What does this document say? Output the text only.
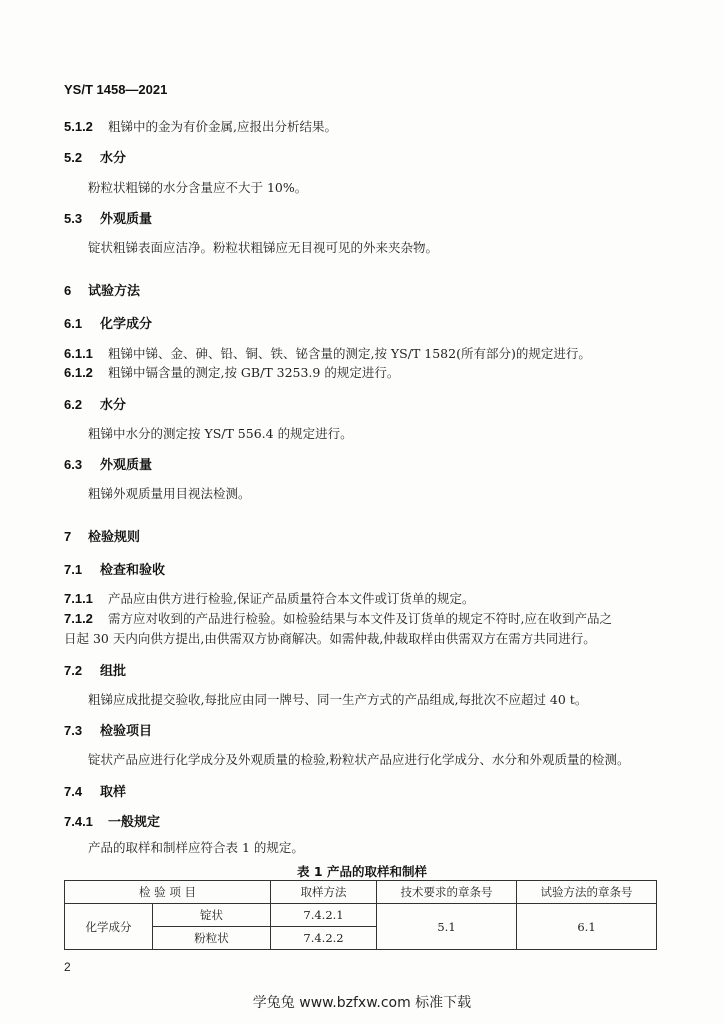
YS/T 1458—2021
5.1.2 粗锑中的金为有价金属,应报出分析结果。
5.2 水分
粉粒状粗锑的水分含量应不大于 10%。
5.3 外观质量
锭状粗锑表面应洁净。粉粒状粗锑应无目视可见的外来夹杂物。
6 试验方法
6.1 化学成分
6.1.1 粗锑中锑、金、砷、铅、铜、铁、铋含量的测定,按 YS/T 1582(所有部分)的规定进行。
6.1.2 粗锑中镉含量的测定,按 GB/T 3253.9 的规定进行。
6.2 水分
粗锑中水分的测定按 YS/T 556.4 的规定进行。
6.3 外观质量
粗锑外观质量用目视法检测。
7 检验规则
7.1 检查和验收
7.1.1 产品应由供方进行检验,保证产品质量符合本文件或订货单的规定。
7.1.2 需方应对收到的产品进行检验。如检验结果与本文件及订货单的规定不符时,应在收到产品之
日起 30 天内向供方提出,由供需双方协商解决。如需仲裁,仲裁取样由供需双方在需方共同进行。
7.2 组批
粗锑应成批提交验收,每批应由同一牌号、同一生产方式的产品组成,每批次不应超过 40 t。
7.3 检验项目
锭状产品应进行化学成分及外观质量的检验,粉粒状产品应进行化学成分、水分和外观质量的检测。
7.4 取样
7.4.1 一般规定
产品的取样和制样应符合表 1 的规定。
表 1 产品的取样和制样
检 验 项 目		取样方法	技术要求的章条号	试验方法的章条号
化学成分	锭状	7.4.2.1	5.1	6.1
	粉粒状	7.4.2.2		
2
学兔兔 www.bzfxw.com 标准下载
